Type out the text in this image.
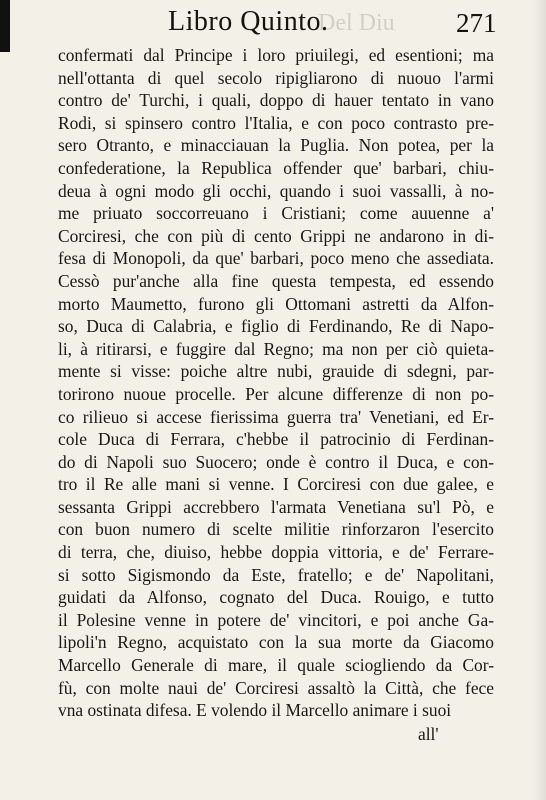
Del Diu
Libro Quinto.	271
confermati dal Principe i loro priuilegi, ed esentioni; ma
nell'ottanta di quel secolo ripigliarono di nuouo l'armi
contro de' Turchi, i quali, doppo di hauer tentato in vano
Rodi, si spinsero contro l'Italia, e con poco contrasto pre-
sero Otranto, e minacciauan la Puglia. Non potea, per la
confederatione, la Republica offender que' barbari, chiu-
deua à ogni modo gli occhi, quando i suoi vassalli, à no-
me priuato soccorreuano i Cristiani; come auuenne a'
Corciresi, che con più di cento Grippi ne andarono in di-
fesa di Monopoli, da que' barbari, poco meno che assediata.
Cessò pur'anche alla fine questa tempesta, ed essendo
morto Maumetto, furono gli Ottomani astretti da Alfon-
so, Duca di Calabria, e figlio di Ferdinando, Re di Napo-
li, à ritirarsi, e fuggire dal Regno; ma non per ciò quieta-
mente si visse: poiche altre nubi, grauide di sdegni, par-
torirono nuoue procelle. Per alcune differenze di non po-
co rilieuo si accese fierissima guerra tra' Venetiani, ed Er-
cole Duca di Ferrara, c'hebbe il patrocinio di Ferdinan-
do di Napoli suo Suocero; onde è contro il Duca, e con-
tro il Re alle mani si venne. I Corciresi con due galee, e
sessanta Grippi accrebbero l'armata Venetiana su'l Pò, e
con buon numero di scelte militie rinforzaron l'esercito
di terra, che, diuiso, hebbe doppia vittoria, e de' Ferrare-
si sotto Sigismondo da Este, fratello; e de' Napolitani,
guidati da Alfonso, cognato del Duca. Rouigo, e tutto
il Polesine venne in potere de' vincitori, e poi anche Ga-
lipoli'n Regno, acquistato con la sua morte da Giacomo
Marcello Generale di mare, il quale sciogliendo da Cor-
fù, con molte naui de' Corciresi assaltò la Città, che fece
vna ostinata difesa. E volendo il Marcello animare i suoi
all'
